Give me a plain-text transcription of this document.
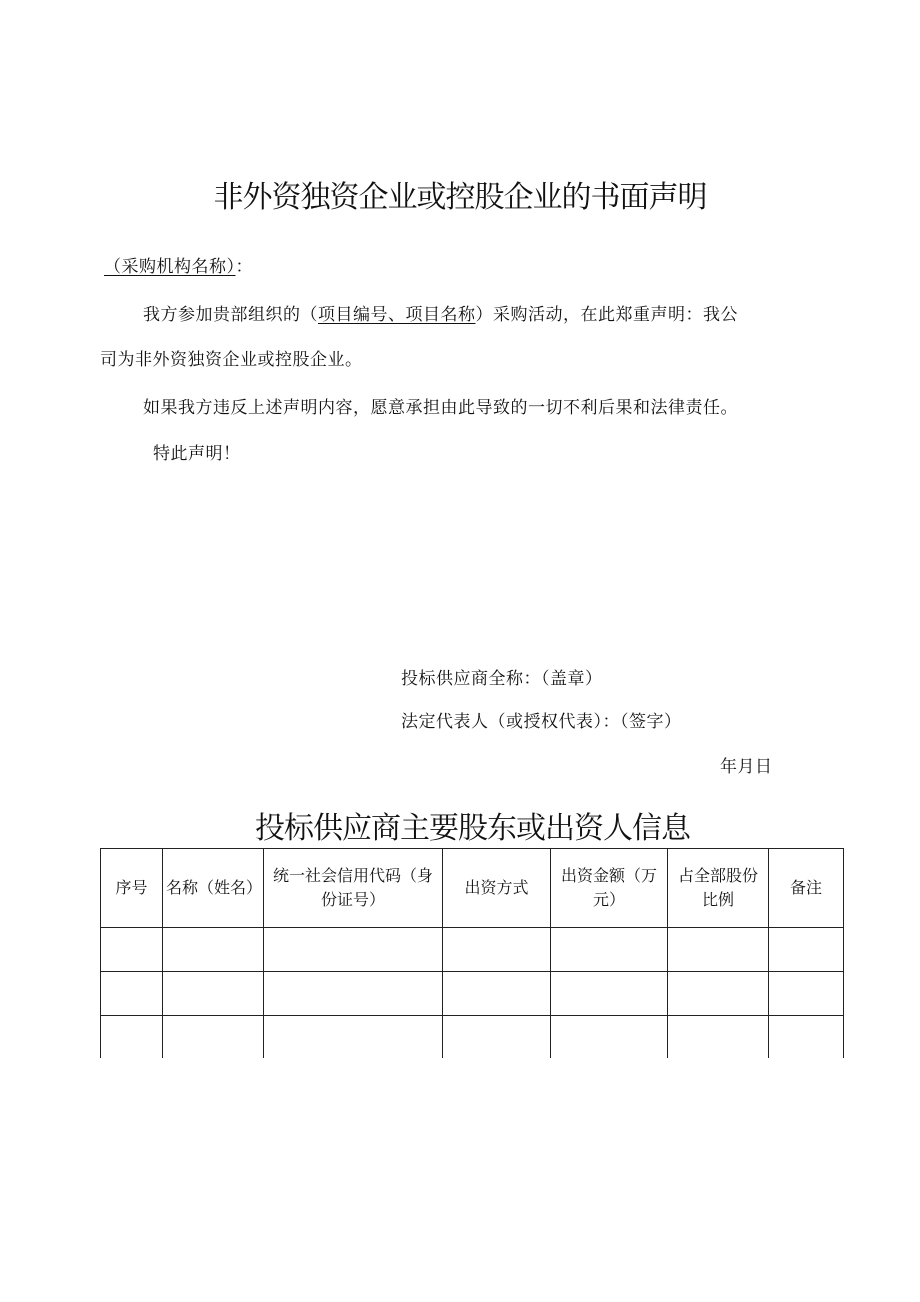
非外资独资企业或控股企业的书面声明
（采购机构名称）：
我方参加贵部组织的（项目编号、项目名称）采购活动，在此郑重声明：我公
司为非外资独资企业或控股企业。
如果我方违反上述声明内容，愿意承担由此导致的一切不利后果和法律责任。
特此声明！
投标供应商全称：（盖章）
法定代表人（或授权代表）：（签字）
年月日
投标供应商主要股东或出资人信息
序号	名称（姓名）	统一社会信用代码（身份证号）	出资方式	出资金额（万元）	占全部股份比例	备注
